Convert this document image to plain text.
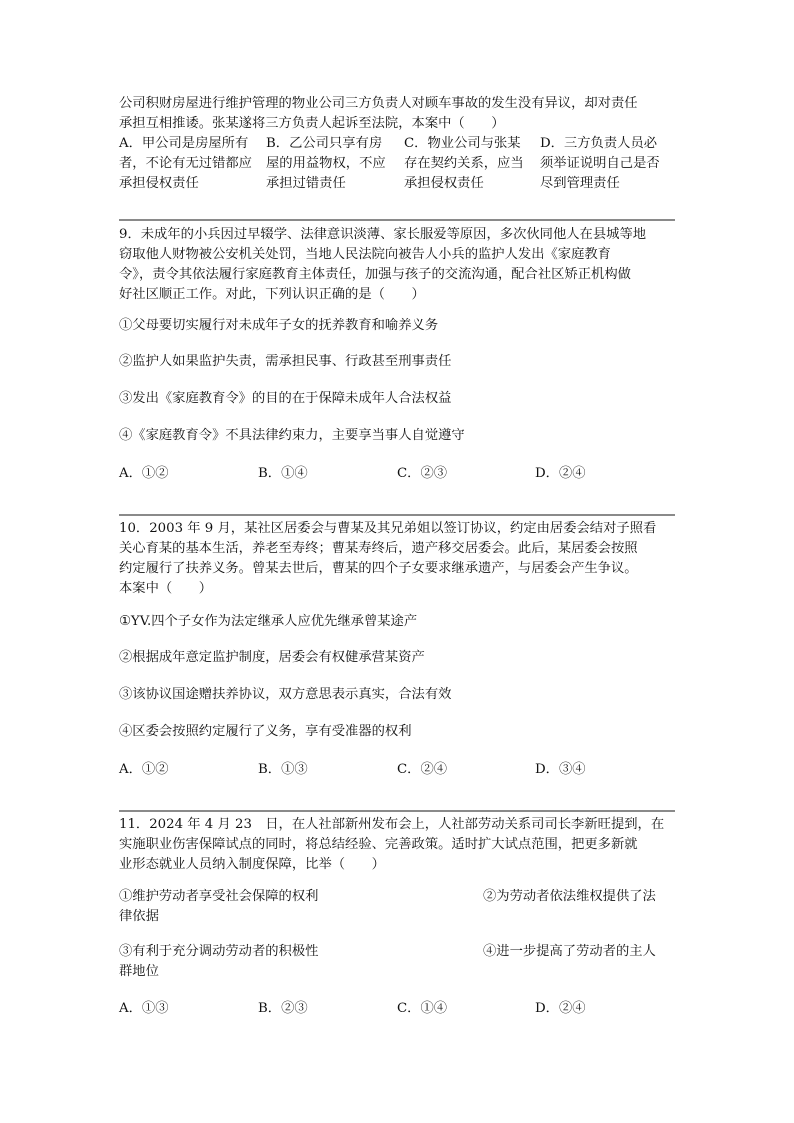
公司积财房屋进行维护管理的物业公司三方负责人对顾车事故的发生没有异议，却对责任

承担互相推诿。张某遂将三方负责人起诉至法院，本案中（　　）

A．甲公司是房屋所有
者，不论有无过错都应
承担侵权责任
B．乙公司只享有房
屋的用益物权，不应
承担过错责任
C．物业公司与张某
存在契约关系，应当
承担侵权责任
D．三方负责人员必
须举证说明自己是否
尽到管理责任

9．未成年的小兵因过早辍学、法律意识淡薄、家长服爱等原因，多次伙同他人在县城等地

窃取他人财物被公安机关处罚，当地人民法院向被告人小兵的监护人发出《家庭教育

令》，责令其依法履行家庭教育主体责任，加强与孩子的交流沟通，配合社区矫正机构做

好社区顺正工作。对此，下列认识正确的是（　　）

①父母要切实履行对未成年子女的抚养教育和喻养义务
②监护人如果监护失责，需承担民事、行政甚至刑事责任
③发出《家庭教育令》的目的在于保障未成年人合法权益
④《家庭教育令》不具法律约束力，主要享当事人自觉遵守
A．①②	B．①④	C．②③	D．②④

10．2003 年 9 月，某社区居委会与曹某及其兄弟姐以签订协议，约定由居委会结对子照看

关心育某的基本生活，养老至寿终；曹某寿终后，遗产移交居委会。此后，某居委会按照

约定履行了扶养义务。曾某去世后，曹某的四个子女要求继承遗产，与居委会产生争议。

本案中（　　）

①YV.四个子女作为法定继承人应优先继承曾某途产
②根据成年意定监护制度，居委会有权健承营某资产
③该协议国途赠扶养协议，双方意思表示真实，合法有效
④区委会按照约定履行了义务，享有受准器的权利
A．①②	B．①③	C．②④	D．③④

11．2024 年 4 月 23　日，在人社部新州发布会上，人社部劳动关系司司长李新旺提到，在

实施职业伤害保障试点的同时，将总结经验、完善政策。适时扩大试点范围，把更多新就

业形态就业人员纳入制度保障，比举（　　）

①维护劳动者享受社会保障的权利	②为劳动者依法维权提供了法
律依据
③有利于充分调动劳动者的积极性	④进一步提高了劳动者的主人
群地位
A．①③	B．②③	C．①④	D．②④
